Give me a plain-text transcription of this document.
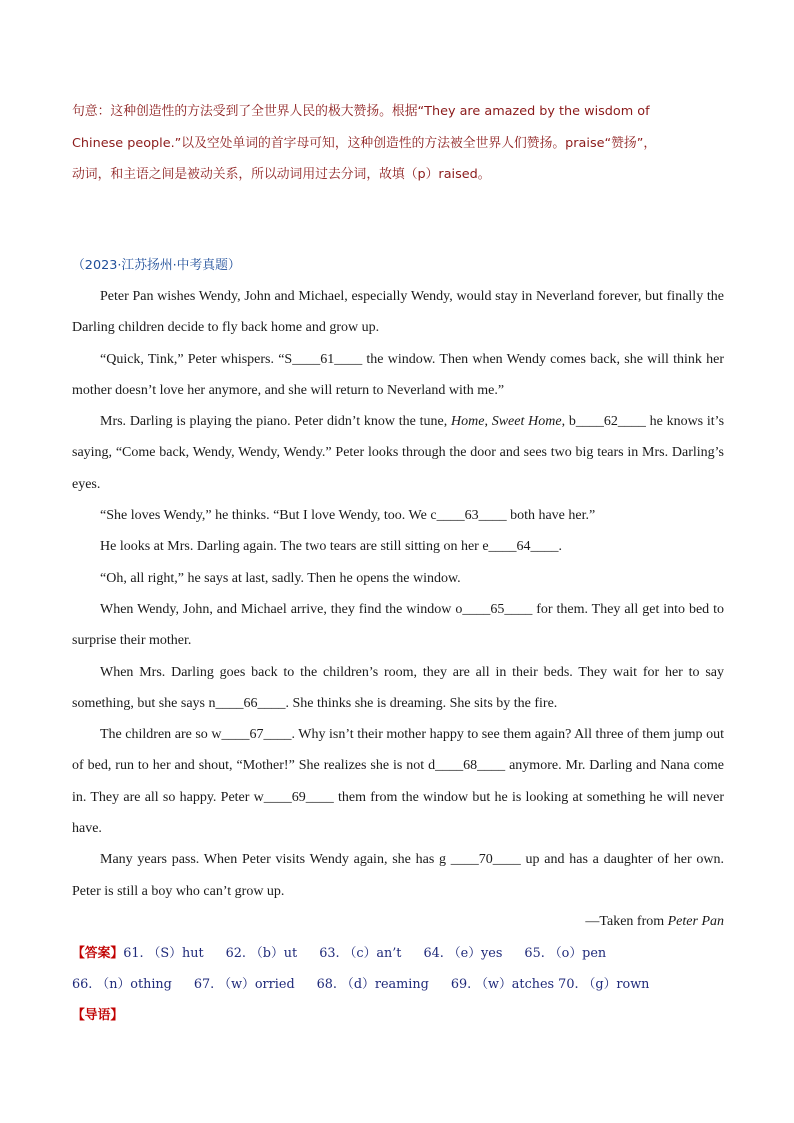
句意：这种创造性的方法受到了全世界人民的极大赞扬。根据“They are amazed by the wisdom of

Chinese people.”以及空处单词的首字母可知，这种创造性的方法被全世界人们赞扬。praise“赞扬”，

动词，和主语之间是被动关系，所以动词用过去分词，故填（p）raised。

（2023·江苏扬州·中考真题）

Peter Pan wishes Wendy, John and Michael, especially Wendy, would stay in Neverland forever, but finally the Darling children decide to fly back home and grow up.

“Quick, Tink,” Peter whispers. “S____61____ the window. Then when Wendy comes back, she will think her mother doesn’t love her anymore, and she will return to Neverland with me.”

Mrs. Darling is playing the piano. Peter didn’t know the tune, Home, Sweet Home, b____62____ he knows it’s saying, “Come back, Wendy, Wendy, Wendy.” Peter looks through the door and sees two big tears in Mrs. Darling’s eyes.

“She loves Wendy,” he thinks. “But I love Wendy, too. We c____63____ both have her.”

He looks at Mrs. Darling again. The two tears are still sitting on her e____64____.

“Oh, all right,” he says at last, sadly. Then he opens the window.

When Wendy, John, and Michael arrive, they find the window o____65____ for them. They all get into bed to surprise their mother.

When Mrs. Darling goes back to the children’s room, they are all in their beds. They wait for her to say something, but she says n____66____. She thinks she is dreaming. She sits by the fire.

The children are so w____67____. Why isn’t their mother happy to see them again? All three of them jump out of bed, run to her and shout, “Mother!” She realizes she is not d____68____ anymore. Mr. Darling and Nana come in. They are all so happy. Peter w____69____ them from the window but he is looking at something he will never have.

Many years pass. When Peter visits Wendy again, she has g ____70____ up and has a daughter of her own. Peter is still a boy who can’t grow up.

—Taken from Peter Pan
【答案】61. （S）hut 62. （b）ut 63. （c）an’t 64. （e）yes 65. （o）pen
66. （n）othing 67. （w）orried 68. （d）reaming 69. （w）atches 70. （g）rown
【导语】
